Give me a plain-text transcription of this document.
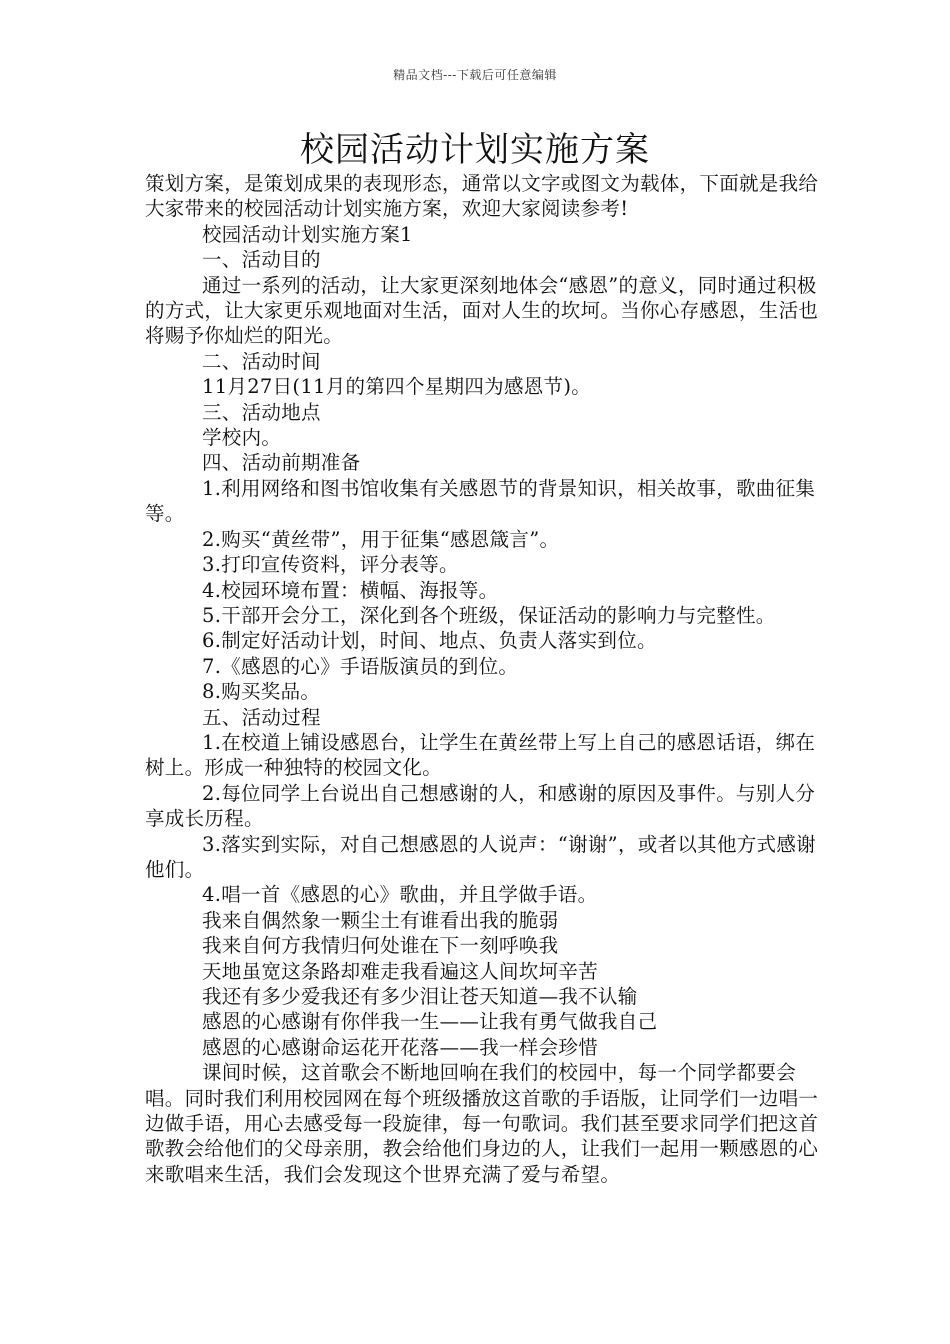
精品文档---下载后可任意编辑
校园活动计划实施方案

策划方案，是策划成果的表现形态，通常以文字或图文为载体，下面就是我给大家带来的校园活动计划实施方案，欢迎大家阅读参考!

校园活动计划实施方案1

一、活动目的

通过一系列的活动，让大家更深刻地体会“感恩”的意义，同时通过积极的方式，让大家更乐观地面对生活，面对人生的坎坷。当你心存感恩，生活也将赐予你灿烂的阳光。

二、活动时间

11月27日(11月的第四个星期四为感恩节)。

三、活动地点

学校内。

四、活动前期准备

1.利用网络和图书馆收集有关感恩节的背景知识，相关故事，歌曲征集等。

2.购买“黄丝带”，用于征集“感恩箴言”。

3.打印宣传资料，评分表等。

4.校园环境布置：横幅、海报等。

5.干部开会分工，深化到各个班级，保证活动的影响力与完整性。

6.制定好活动计划，时间、地点、负责人落实到位。

7.《感恩的心》手语版演员的到位。

8.购买奖品。

五、活动过程

1.在校道上铺设感恩台，让学生在黄丝带上写上自己的感恩话语，绑在树上。形成一种独特的校园文化。

2.每位同学上台说出自己想感谢的人，和感谢的原因及事件。与别人分享成长历程。

3.落实到实际，对自己想感恩的人说声：“谢谢”，或者以其他方式感谢他们。

4.唱一首《感恩的心》歌曲，并且学做手语。

我来自偶然象一颗尘土有谁看出我的脆弱

我来自何方我情归何处谁在下一刻呼唤我

天地虽宽这条路却难走我看遍这人间坎坷辛苦

我还有多少爱我还有多少泪让苍天知道—我不认输

感恩的心感谢有你伴我一生——让我有勇气做我自己

感恩的心感谢命运花开花落——我一样会珍惜

课间时候，这首歌会不断地回响在我们的校园中，每一个同学都要会唱。同时我们利用校园网在每个班级播放这首歌的手语版，让同学们一边唱一边做手语，用心去感受每一段旋律，每一句歌词。我们甚至要求同学们把这首歌教会给他们的父母亲朋，教会给他们身边的人，让我们一起用一颗感恩的心来歌唱来生活，我们会发现这个世界充满了爱与希望。
